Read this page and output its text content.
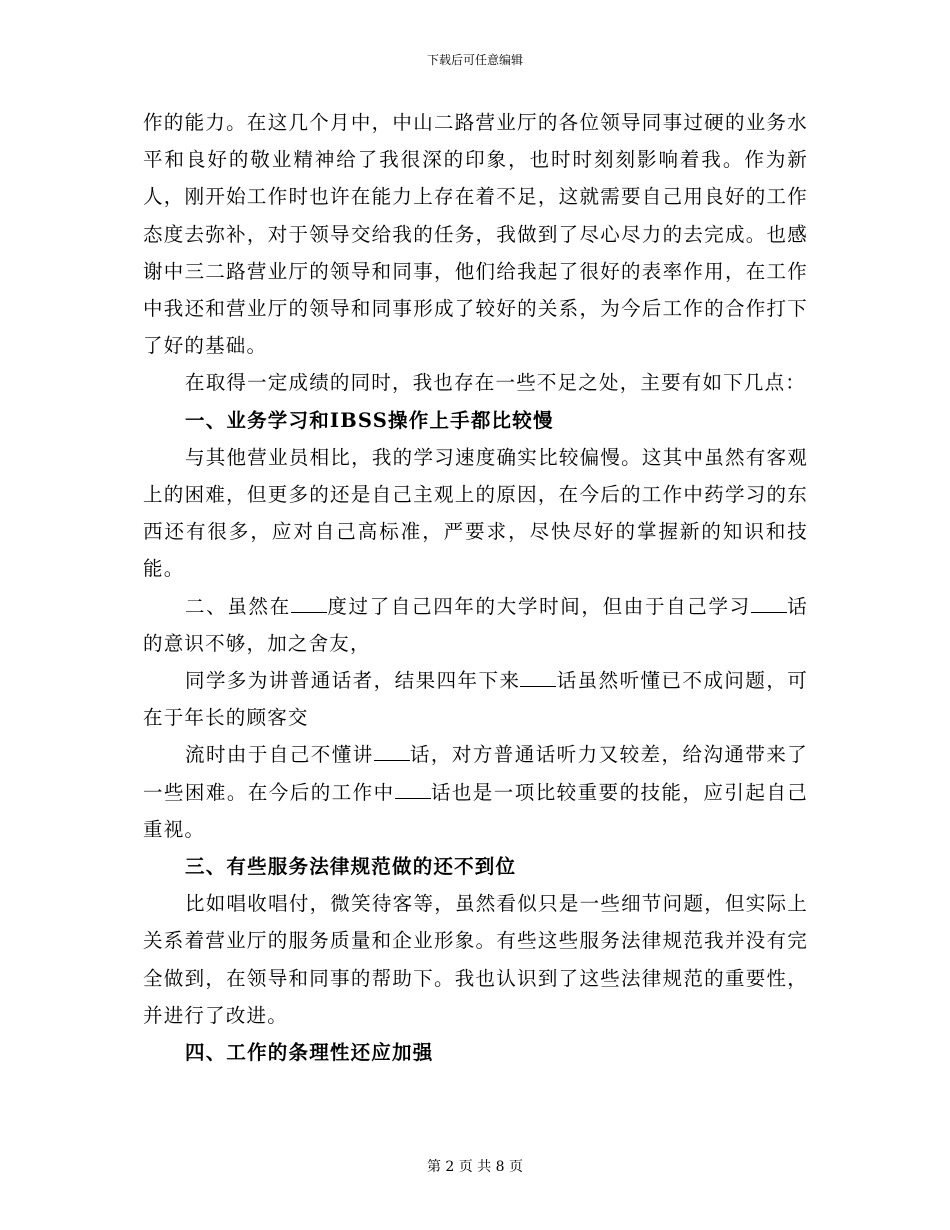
下载后可任意编辑

作的能力。在这几个月中，中山二路营业厅的各位领导同事过硬的业务水平和良好的敬业精神给了我很深的印象，也时时刻刻影响着我。作为新人，刚开始工作时也许在能力上存在着不足，这就需要自己用良好的工作态度去弥补，对于领导交给我的任务，我做到了尽心尽力的去完成。也感谢中三二路营业厅的领导和同事，他们给我起了很好的表率作用，在工作中我还和营业厅的领导和同事形成了较好的关系，为今后工作的合作打下了好的基础。

在取得一定成绩的同时，我也存在一些不足之处，主要有如下几点：

一、业务学习和IBSS操作上手都比较慢

与其他营业员相比，我的学习速度确实比较偏慢。这其中虽然有客观上的困难，但更多的还是自己主观上的原因，在今后的工作中药学习的东西还有很多，应对自己高标准，严要求，尽快尽好的掌握新的知识和技能。

二、虽然在 度过了自己四年的大学时间，但由于自己学习 话的意识不够，加之舍友，

同学多为讲普通话者，结果四年下来 话虽然听懂已不成问题，可在于年长的顾客交

流时由于自己不懂讲 话，对方普通话听力又较差，给沟通带来了一些困难。在今后的工作中 话也是一项比较重要的技能，应引起自己重视。

三、有些服务法律规范做的还不到位

比如唱收唱付，微笑待客等，虽然看似只是一些细节问题，但实际上关系着营业厅的服务质量和企业形象。有些这些服务法律规范我并没有完全做到，在领导和同事的帮助下。我也认识到了这些法律规范的重要性，并进行了改进。

四、工作的条理性还应加强

第 2 页 共 8 页
